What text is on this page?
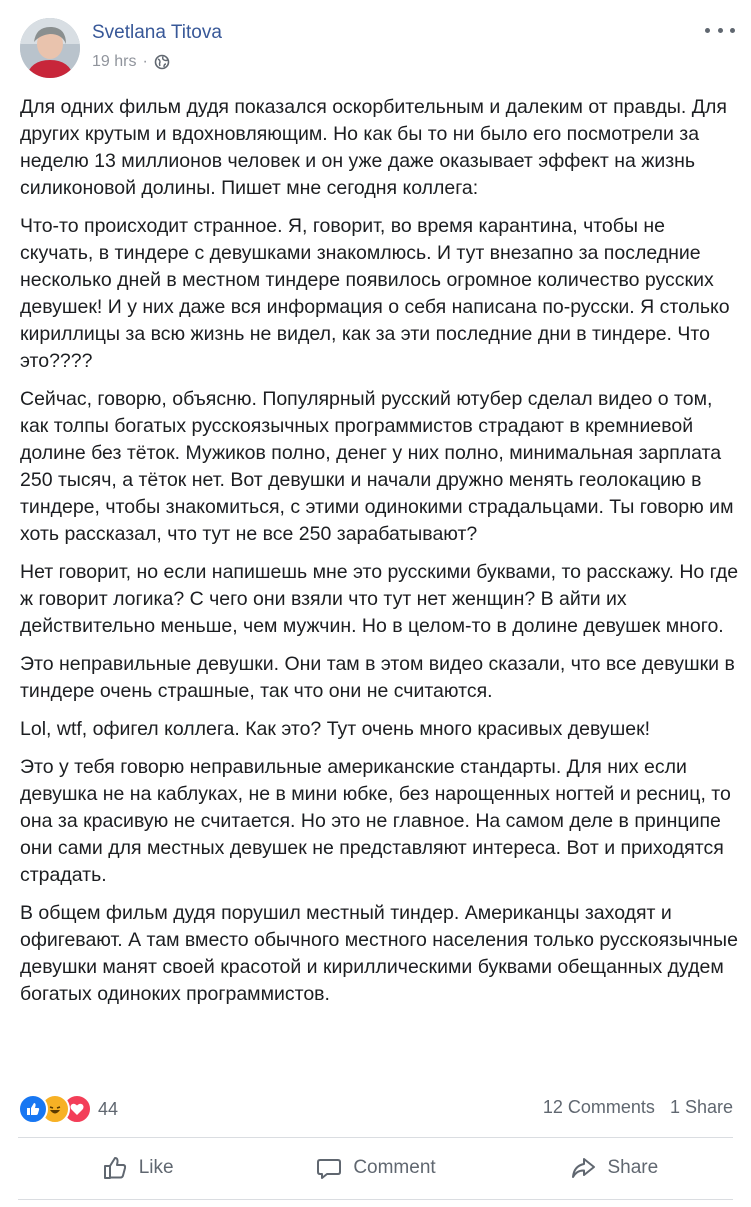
Svetlana Titova
19 hrs ·

Для одних фильм дудя показался оскорбительным и далеким от правды. Для других крутым и вдохновляющим. Но как бы то ни было его посмотрели за неделю 13 миллионов человек и он уже даже оказывает эффект на жизнь силиконовой долины. Пишет мне сегодня коллега:

Что-то происходит странное. Я, говорит, во время карантина, чтобы не скучать, в тиндере с девушками знакомлюсь. И тут внезапно за последние несколько дней в местном тиндере появилось огромное количество русских девушек! И у них даже вся информация о себя написана по-русски. Я столько кириллицы за всю жизнь не видел, как за эти последние дни в тиндере. Что это????

Сейчас, говорю, объясню. Популярный русский ютубер сделал видео о том, как толпы богатых русскоязычных программистов страдают в кремниевой долине без тёток. Мужиков полно, денег у них полно, минимальная зарплата 250 тысяч, а тёток нет. Вот девушки и начали дружно менять геолокацию в тиндере, чтобы знакомиться, с этими одинокими страдальцами. Ты говорю им хоть рассказал, что тут не все 250 зарабатывают?

Нет говорит, но если напишешь мне это русскими буквами, то расскажу. Но где ж говорит логика? С чего они взяли что тут нет женщин? В айти их действительно меньше, чем мужчин. Но в целом-то в долине девушек много.

Это неправильные девушки. Они там в этом видео сказали, что все девушки в тиндере очень страшные, так что они не считаются.

Lol, wtf, офигел коллега. Как это? Тут очень много красивых девушек!

Это у тебя говорю неправильные американские стандарты. Для них если девушка не на каблуках, не в мини юбке, без нарощенных ногтей и ресниц, то она за красивую не считается. Но это не главное. На самом деле в принципе они сами для местных девушек не представляют интереса. Вот и приходятся страдать.

В общем фильм дудя порушил местный тиндер. Американцы заходят и офигевают. А там вместо обычного местного населения только русскоязычные девушки манят своей красотой и кириллическими буквами обещанных дудем богатых одиноких программистов.

44	12 Comments 1 Share
Like	Comment	Share
